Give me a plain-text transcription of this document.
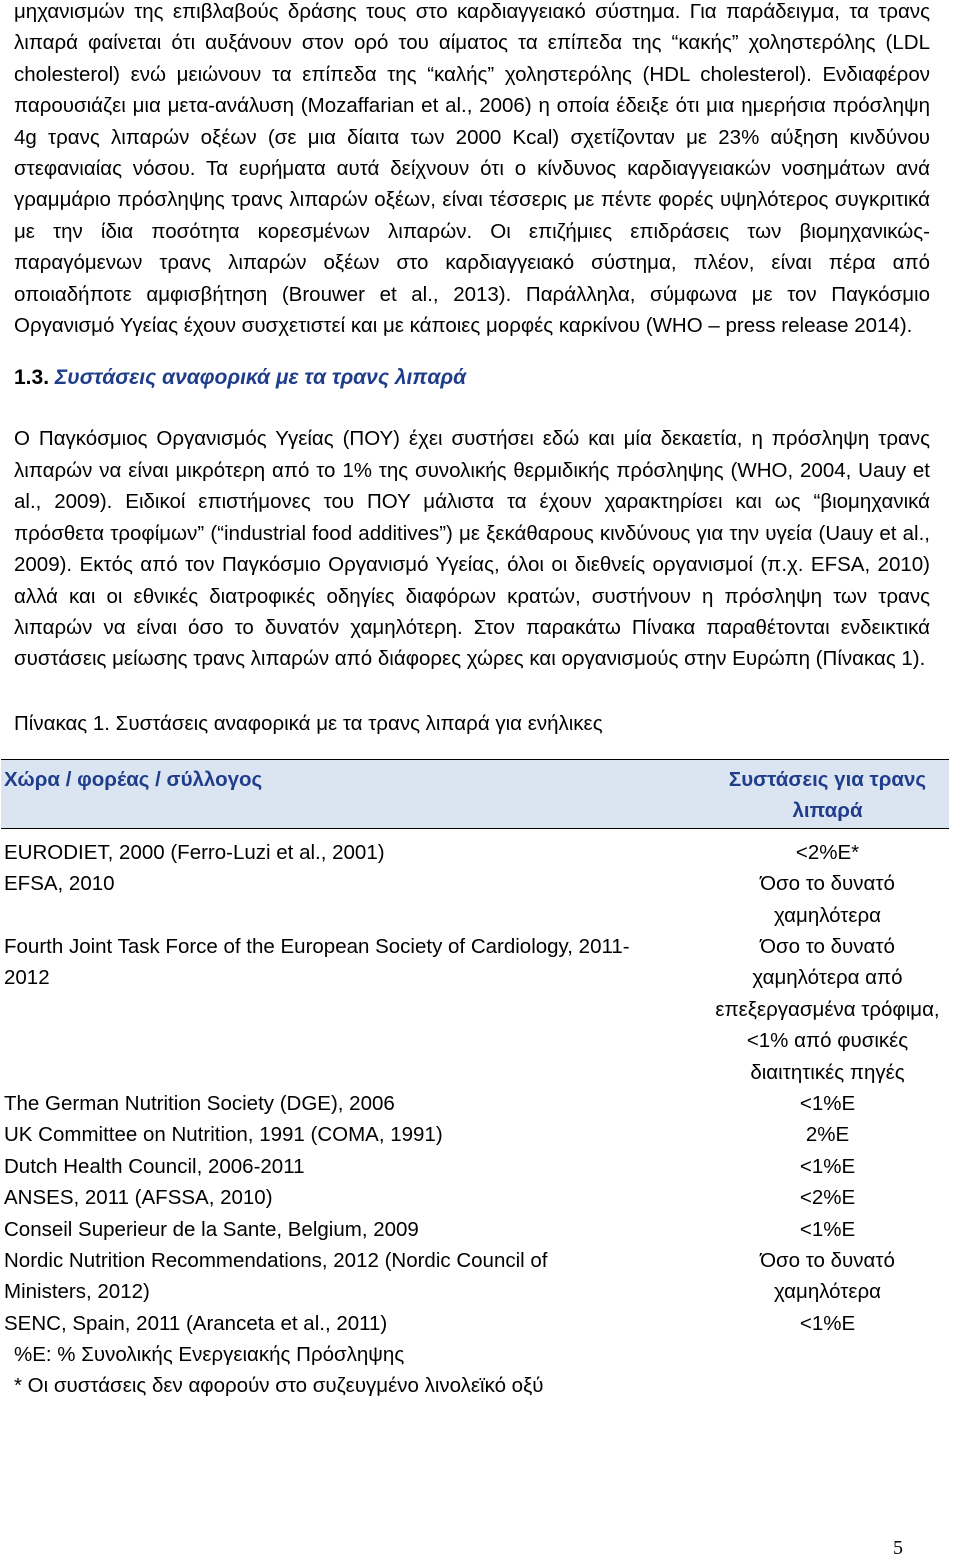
μηχανισμών της επιβλαβούς δράσης τους στο καρδιαγγειακό σύστημα. Για παράδειγμα, τα τρανς λιπαρά φαίνεται ότι αυξάνουν στον ορό του αίματος τα επίπεδα της “κακής” χοληστερόλης (LDL cholesterol) ενώ μειώνουν τα επίπεδα της “καλής” χοληστερόλης (HDL cholesterol). Ενδιαφέρον παρουσιάζει μια μετα-ανάλυση (Mozaffarian et al., 2006) η οποία έδειξε ότι μια ημερήσια πρόσληψη 4g τρανς λιπαρών οξέων (σε μια δίαιτα των 2000 Kcal) σχετίζονταν με 23% αύξηση κινδύνου στεφανιαίας νόσου. Τα ευρήματα αυτά δείχνουν ότι ο κίνδυνος καρδιαγγειακών νοσημάτων ανά γραμμάριο πρόσληψης τρανς λιπαρών οξέων, είναι τέσσερις με πέντε φορές υψηλότερος συγκριτικά με την ίδια ποσότητα κορεσμένων λιπαρών. Οι επιζήμιες επιδράσεις των βιομηχανικώς-παραγόμενων τρανς λιπαρών οξέων στο καρδιαγγειακό σύστημα, πλέον, είναι πέρα από οποιαδήποτε αμφισβήτηση (Brouwer et al., 2013). Παράλληλα, σύμφωνα με τον Παγκόσμιο Οργανισμό Υγείας έχουν συσχετιστεί και με κάποιες μορφές καρκίνου (WHO – press release 2014).

1.3. Συστάσεις αναφορικά με τα τρανς λιπαρά

Ο Παγκόσμιος Οργανισμός Υγείας (ΠΟΥ) έχει συστήσει εδώ και μία δεκαετία, η πρόσληψη τρανς λιπαρών να είναι μικρότερη από το 1% της συνολικής θερμιδικής πρόσληψης (WHO, 2004, Uauy et al., 2009). Ειδικοί επιστήμονες του ΠΟΥ μάλιστα τα έχουν χαρακτηρίσει και ως “βιομηχανικά πρόσθετα τροφίμων” (“industrial food additives”) με ξεκάθαρους κινδύνους για την υγεία (Uauy et al., 2009). Εκτός από τον Παγκόσμιο Οργανισμό Υγείας, όλοι οι διεθνείς οργανισμοί (π.χ. EFSA, 2010) αλλά και οι εθνικές διατροφικές οδηγίες διαφόρων κρατών, συστήνουν η πρόσληψη των τρανς λιπαρών να είναι όσο το δυνατόν χαμηλότερη. Στον παρακάτω Πίνακα παραθέτονται ενδεικτικά συστάσεις μείωσης τρανς λιπαρών από διάφορες χώρες και οργανισμούς στην Ευρώπη (Πίνακας 1).

Πίνακας 1. Συστάσεις αναφορικά με τα τρανς λιπαρά για ενήλικες
Χώρα / φορέας / σύλλογος	Συστάσεις για τρανς λιπαρά

EURODIET, 2000 (Ferro-Luzi et al., 2001)	<2%E*
EFSA, 2010	Όσο το δυνατό χαμηλότερα
Fourth Joint Task Force of the European Society of Cardiology, 2011-2012	Όσο το δυνατό χαμηλότερα από επεξεργασμένα τρόφιμα, <1% από φυσικές διαιτητικές πηγές
The German Nutrition Society (DGE), 2006	<1%E
UK Committee on Nutrition, 1991 (COMA, 1991)	2%E
Dutch Health Council, 2006-2011	<1%E
ANSES, 2011 (AFSSA, 2010)	<2%E
Conseil Superieur de la Sante, Belgium, 2009	<1%E
Nordic Nutrition Recommendations, 2012 (Nordic Council of Ministers, 2012)	Όσο το δυνατό χαμηλότερα
SENC, Spain, 2011 (Aranceta et al., 2011)	<1%E
%E: % Συνολικής Ενεργειακής Πρόσληψης
* Οι συστάσεις δεν αφορούν στο συζευγμένο λινολεϊκό οξύ
5
